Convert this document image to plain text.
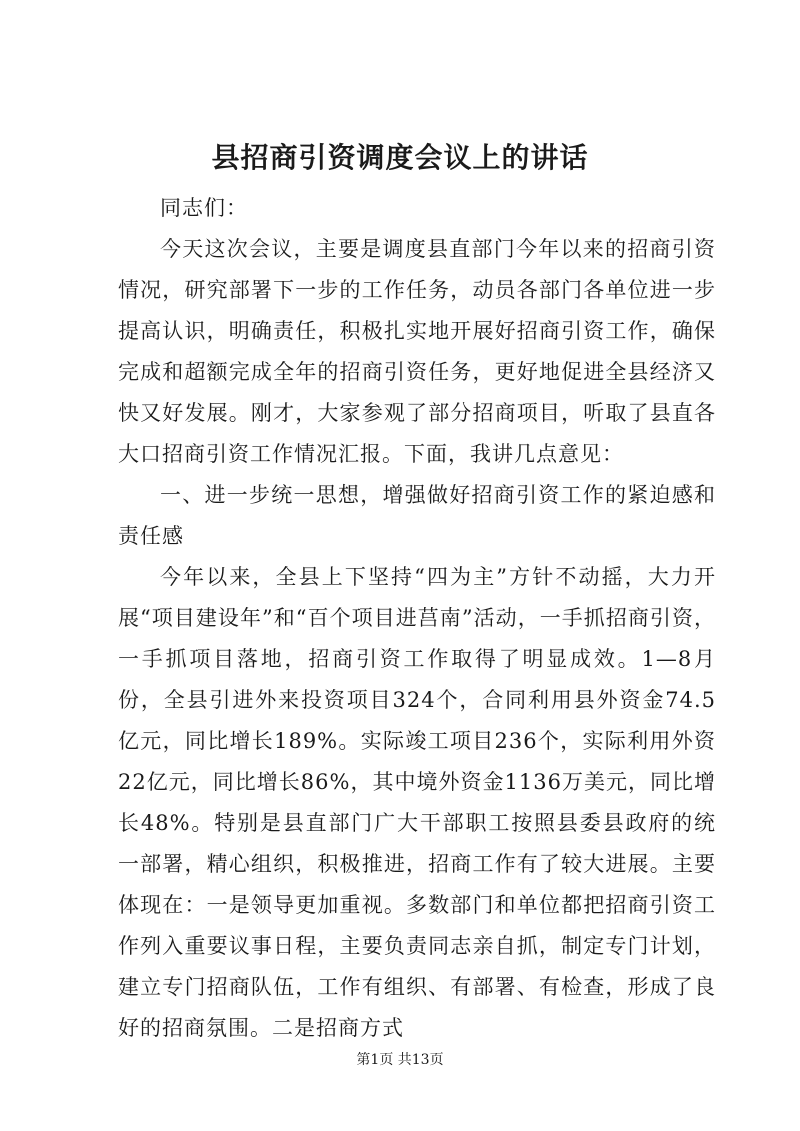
县招商引资调度会议上的讲话

同志们：

今天这次会议，主要是调度县直部门今年以来的招商引资情况，研究部署下一步的工作任务，动员各部门各单位进一步提高认识，明确责任，积极扎实地开展好招商引资工作，确保完成和超额完成全年的招商引资任务，更好地促进全县经济又快又好发展。刚才，大家参观了部分招商项目，听取了县直各大口招商引资工作情况汇报。下面，我讲几点意见：

一、进一步统一思想，增强做好招商引资工作的紧迫感和责任感

今年以来，全县上下坚持“四为主”方针不动摇，大力开展“项目建设年”和“百个项目进莒南”活动，一手抓招商引资，一手抓项目落地，招商引资工作取得了明显成效。1—8月份，全县引进外来投资项目324个，合同利用县外资金74.5亿元，同比增长189%。实际竣工项目236个，实际利用外资22亿元，同比增长86%，其中境外资金1136万美元，同比增长48%。特别是县直部门广大干部职工按照县委县政府的统一部署，精心组织，积极推进，招商工作有了较大进展。主要体现在：一是领导更加重视。多数部门和单位都把招商引资工作列入重要议事日程，主要负责同志亲自抓，制定专门计划，建立专门招商队伍，工作有组织、有部署、有检查，形成了良好的招商氛围。二是招商方式

第1页 共13页
